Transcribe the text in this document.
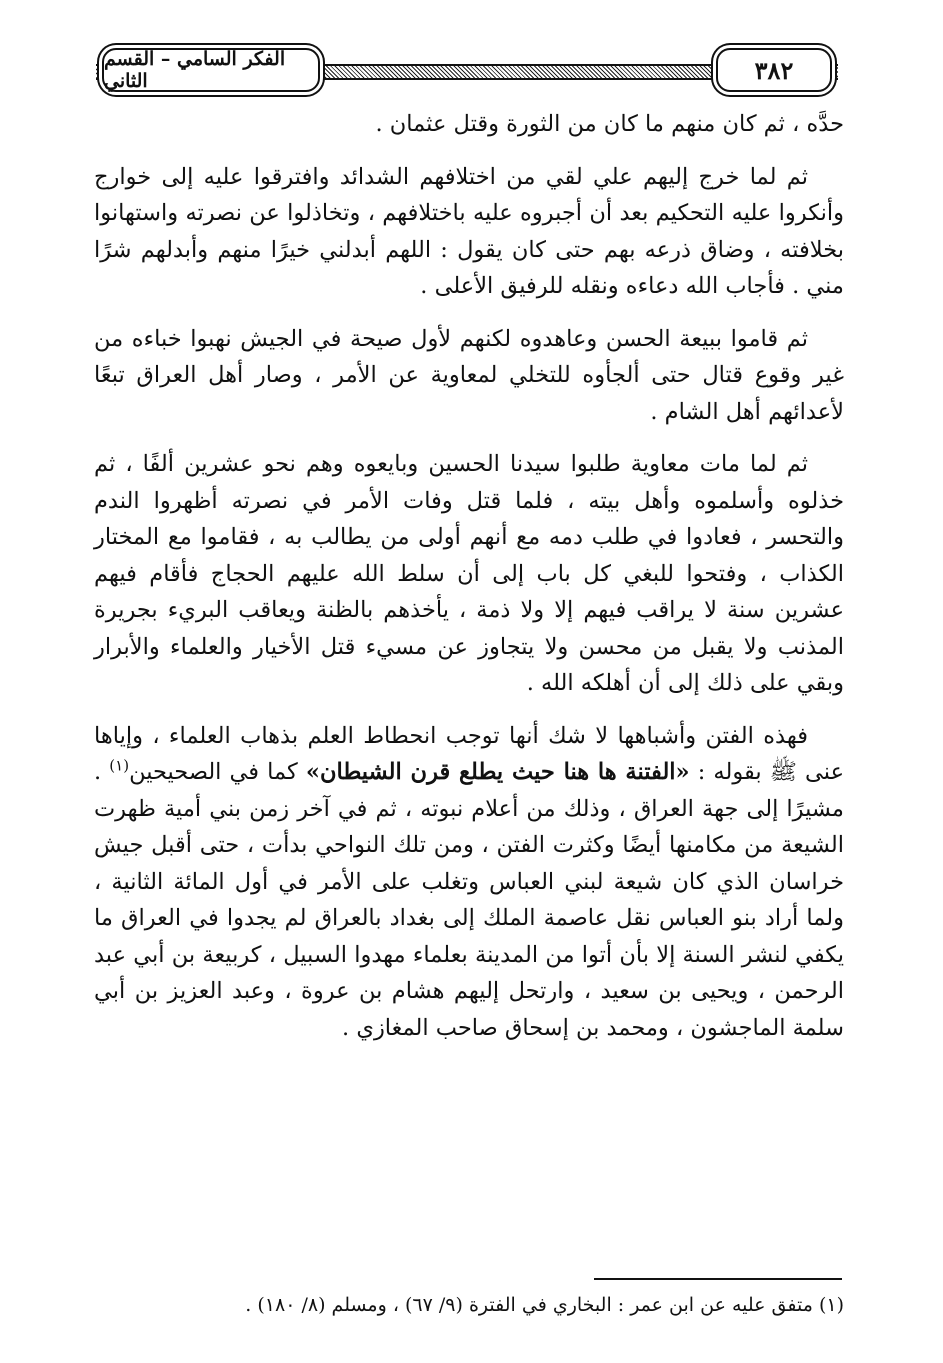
الفكر السامي – القسم الثاني	٣٨٢

حدَّه ، ثم كان منهم ما كان من الثورة وقتل عثمان .

ثم لما خرج إليهم علي لقي من اختلافهم الشدائد وافترقوا عليه إلى خوارج وأنكروا عليه التحكيم بعد أن أجبروه عليه باختلافهم ، وتخاذلوا عن نصرته واستهانوا بخلافته ، وضاق ذرعه بهم حتى كان يقول : اللهم أبدلني خيرًا منهم وأبدلهم شرًا مني . فأجاب الله دعاءه ونقله للرفيق الأعلى .

ثم قاموا ببيعة الحسن وعاهدوه لكنهم لأول صيحة في الجيش نهبوا خباءه من غير وقوع قتال حتى ألجأوه للتخلي لمعاوية عن الأمر ، وصار أهل العراق تبعًا لأعدائهم أهل الشام .

ثم لما مات معاوية طلبوا سيدنا الحسين وبايعوه وهم نحو عشرين ألفًا ، ثم خذلوه وأسلموه وأهل بيته ، فلما قتل وفات الأمر في نصرته أظهروا الندم والتحسر ، فعادوا في طلب دمه مع أنهم أولى من يطالب به ، فقاموا مع المختار الكذاب ، وفتحوا للبغي كل باب إلى أن سلط الله عليهم الحجاج فأقام فيهم عشرين سنة لا يراقب فيهم إلا ولا ذمة ، يأخذهم بالظنة ويعاقب البريء بجريرة المذنب ولا يقبل من محسن ولا يتجاوز عن مسيء قتل الأخيار والعلماء والأبرار وبقي على ذلك إلى أن أهلكه الله .

فهذه الفتن وأشباهها لا شك أنها توجب انحطاط العلم بذهاب العلماء ، وإياها عنى ﷺ بقوله : «الفتنة ها هنا حيث يطلع قرن الشيطان» كما في الصحيحين$^{(١)}$ . مشيرًا إلى جهة العراق ، وذلك من أعلام نبوته ، ثم في آخر زمن بني أمية ظهرت الشيعة من مكامنها أيضًا وكثرت الفتن ، ومن تلك النواحي بدأت ، حتى أقبل جيش خراسان الذي كان شيعة لبني العباس وتغلب على الأمر في أول المائة الثانية ، ولما أراد بنو العباس نقل عاصمة الملك إلى بغداد بالعراق لم يجدوا في العراق ما يكفي لنشر السنة إلا بأن أتوا من المدينة بعلماء مهدوا السبيل ، كربيعة بن أبي عبد الرحمن ، ويحيى بن سعيد ، وارتحل إليهم هشام بن عروة ، وعبد العزيز بن أبي سلمة الماجشون ، ومحمد بن إسحاق صاحب المغازي .

(١) متفق عليه عن ابن عمر : البخاري في الفترة (٩/ ٦٧) ، ومسلم (٨/ ١٨٠) .
